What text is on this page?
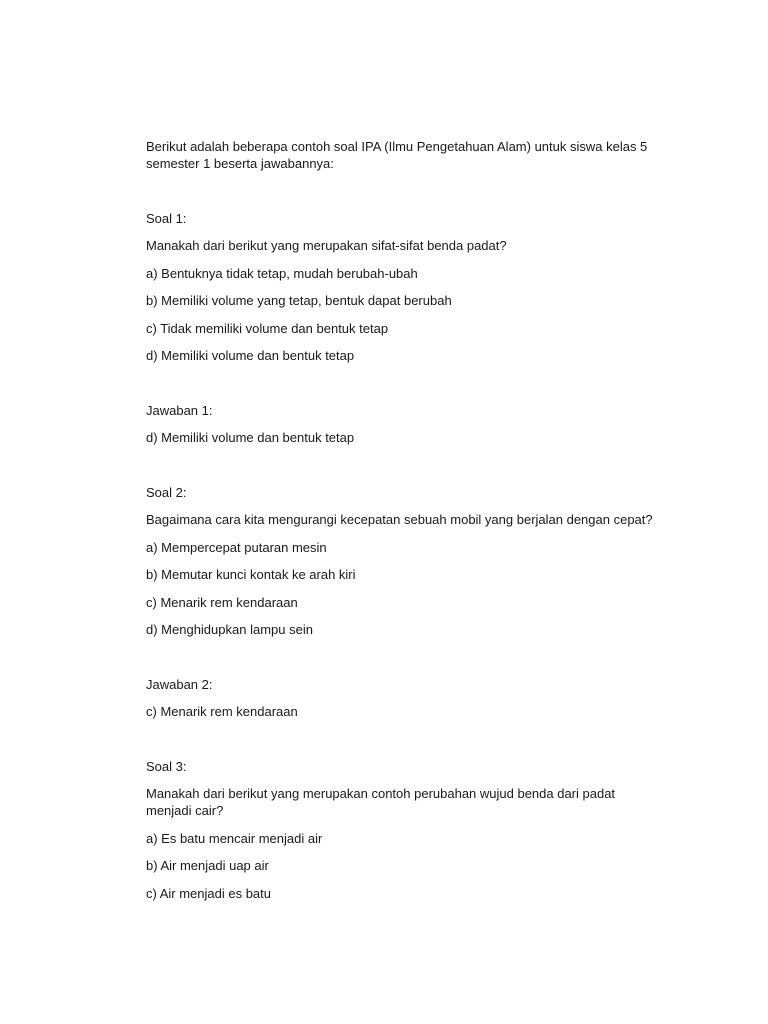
Berikut adalah beberapa contoh soal IPA (Ilmu Pengetahuan Alam) untuk siswa kelas 5 semester 1 beserta jawabannya:
Soal 1:
Manakah dari berikut yang merupakan sifat-sifat benda padat?
a) Bentuknya tidak tetap, mudah berubah-ubah
b) Memiliki volume yang tetap, bentuk dapat berubah
c) Tidak memiliki volume dan bentuk tetap
d) Memiliki volume dan bentuk tetap
Jawaban 1:
d) Memiliki volume dan bentuk tetap
Soal 2:
Bagaimana cara kita mengurangi kecepatan sebuah mobil yang berjalan dengan cepat?
a) Mempercepat putaran mesin
b) Memutar kunci kontak ke arah kiri
c) Menarik rem kendaraan
d) Menghidupkan lampu sein
Jawaban 2:
c) Menarik rem kendaraan
Soal 3:
Manakah dari berikut yang merupakan contoh perubahan wujud benda dari padat menjadi cair?
a) Es batu mencair menjadi air
b) Air menjadi uap air
c) Air menjadi es batu
